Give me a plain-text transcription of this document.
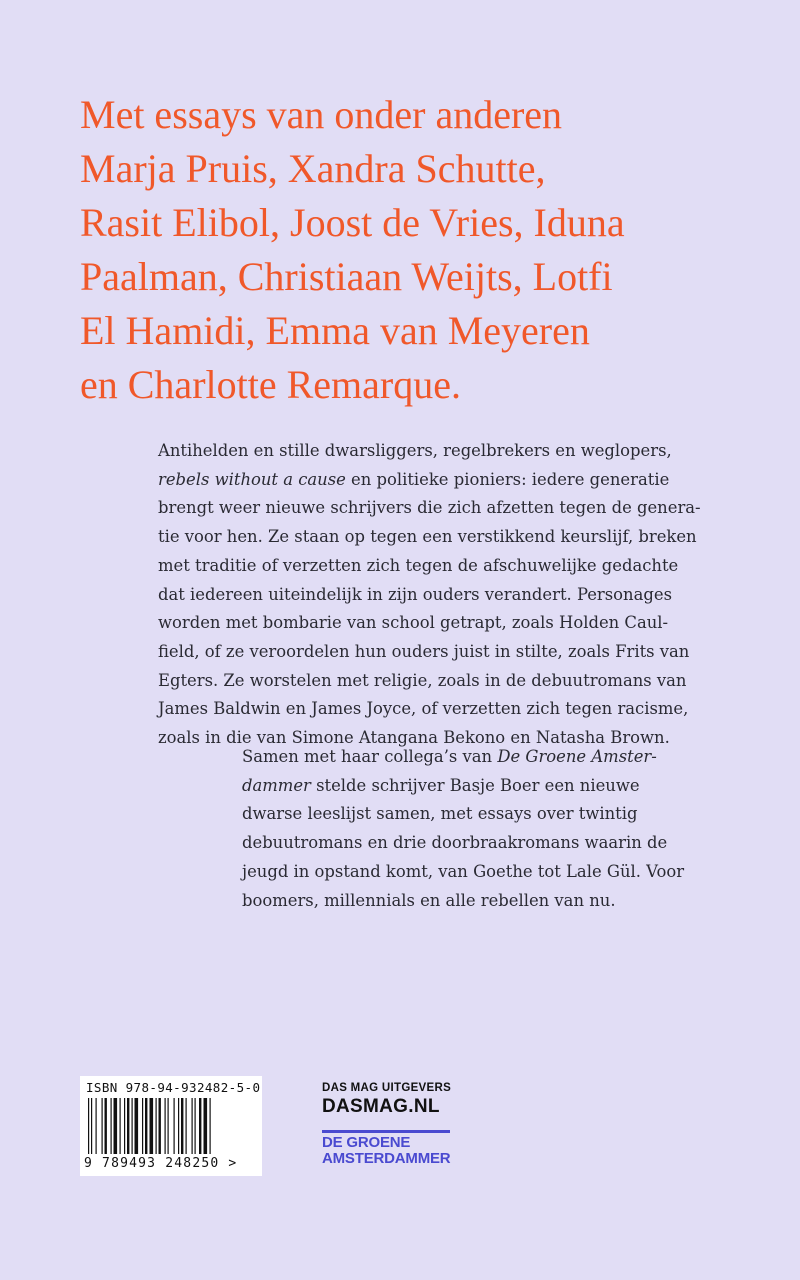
Met essays van onder anderen
Marja Pruis, Xandra Schutte,
Rasit Elibol, Joost de Vries, Iduna
Paalman, Christiaan Weijts, Lotfi
El Hamidi, Emma van Meyeren
en Charlotte Remarque.
Antihelden en stille dwarsliggers, regelbrekers en weglopers,
rebels without a cause en politieke pioniers: iedere generatie
brengt weer nieuwe schrijvers die zich afzetten tegen de genera-
tie voor hen. Ze staan op tegen een verstikkend keurslijf, breken
met traditie of verzetten zich tegen de afschuwelijke gedachte
dat iedereen uiteindelijk in zijn ouders verandert. Personages
worden met bombarie van school getrapt, zoals Holden Caul-
field, of ze veroordelen hun ouders juist in stilte, zoals Frits van
Egters. Ze worstelen met religie, zoals in de debuutromans van
James Baldwin en James Joyce, of verzetten zich tegen racisme,
zoals in die van Simone Atangana Bekono en Natasha Brown.
Samen met haar collega’s van De Groene Amster-
dammer stelde schrijver Basje Boer een nieuwe
dwarse leeslijst samen, met essays over twintig
debuutromans en drie doorbraakromans waarin de
jeugd in opstand komt, van Goethe tot Lale Gül. Voor
boomers, millennials en alle rebellen van nu.
ISBN 978-94-932482-5-0
9 789493 248250 >
DAS MAG UITGEVERS
DASMAG.NL
DE GROENE
AMSTERDAMMER
